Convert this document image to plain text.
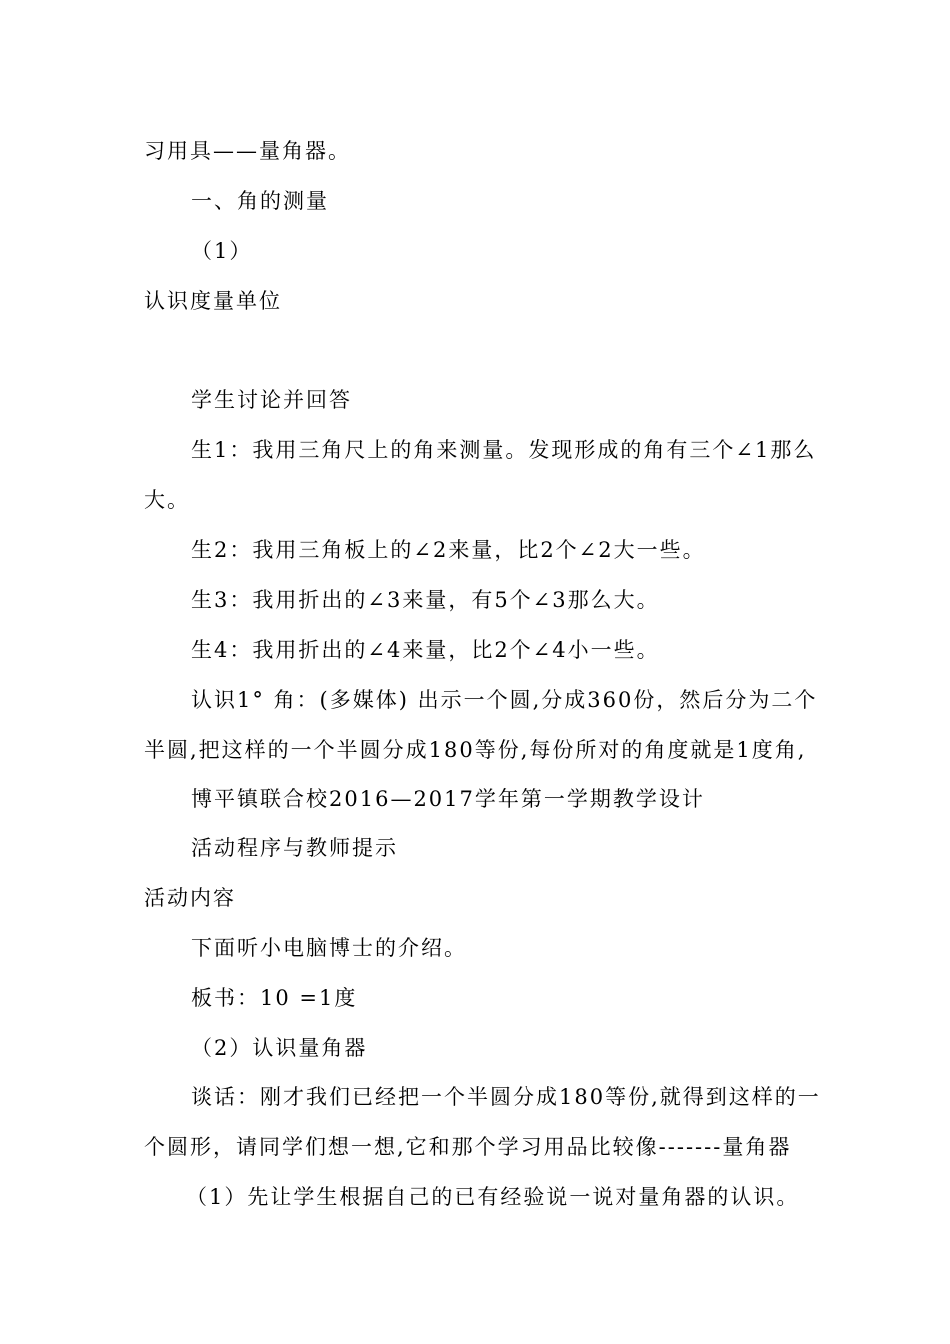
习用具——量角器。
一、角的测量
（1）
认识度量单位
学生讨论并回答
生1：我用三角尺上的角来测量。发现形成的角有三个∠1那么
大。
生2：我用三角板上的∠2来量，比2个∠2大一些。
生3：我用折出的∠3来量，有5个∠3那么大。
生4：我用折出的∠4来量，比2个∠4小一些。
认识1° 角：(多媒体) 出示一个圆,分成360份，然后分为二个
半圆,把这样的一个半圆分成180等份,每份所对的角度就是1度角,
博平镇联合校2016—2017学年第一学期教学设计
活动程序与教师提示
活动内容
下面听小电脑博士的介绍。
板书：10 =1度
（2）认识量角器
谈话：刚才我们已经把一个半圆分成180等份,就得到这样的一
个圆形，请同学们想一想,它和那个学习用品比较像-------量角器
（1）先让学生根据自己的已有经验说一说对量角器的认识。
